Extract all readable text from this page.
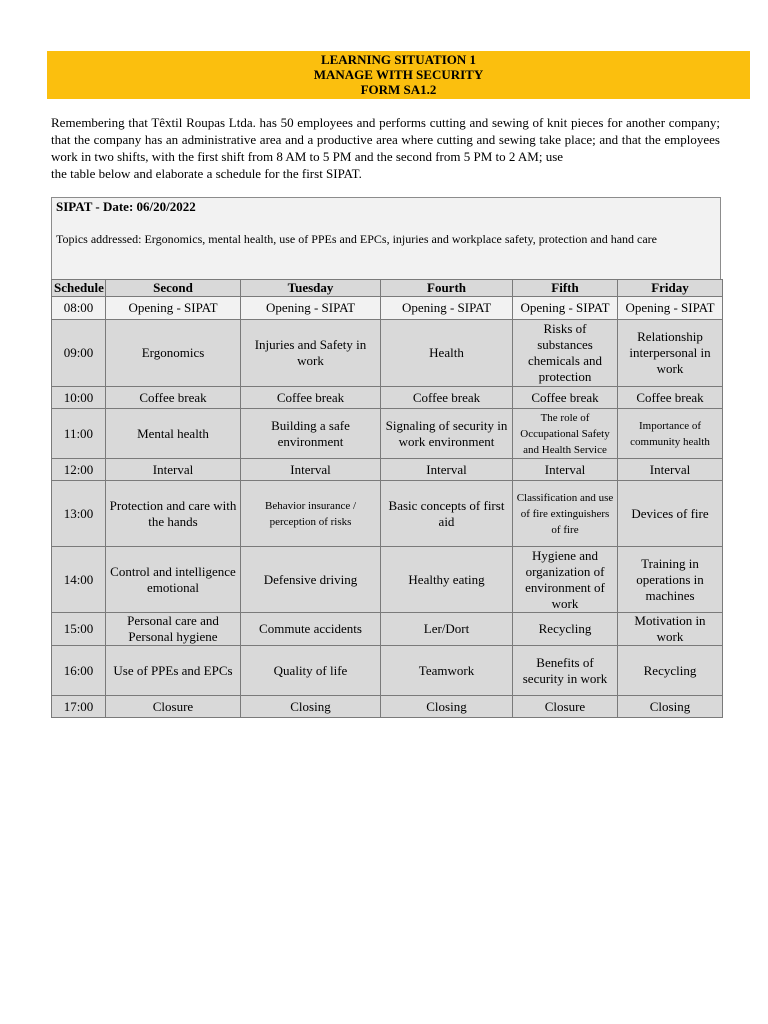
LEARNING SITUATION 1
MANAGE WITH SECURITY
FORM SA1.2
Remembering that Têxtil Roupas Ltda. has 50 employees and performs cutting and sewing of knit pieces for another company; that the company has an administrative area and a productive area where cutting and sewing take place; and that the employees work in two shifts, with the first shift from 8 AM to 5 PM and the second from 5 PM to 2 AM; use
the table below and elaborate a schedule for the first SIPAT.
SIPAT - Date: 06/20/2022
Topics addressed: Ergonomics, mental health, use of PPEs and EPCs, injuries and workplace safety, protection and hand care
Schedule	Second	Tuesday	Fourth	Fifth	Friday
08:00	Opening - SIPAT	Opening - SIPAT	Opening - SIPAT	Opening - SIPAT	Opening - SIPAT
09:00	Ergonomics	Injuries and Safety in work	Health	Risks of substances chemicals and protection	Relationship interpersonal in work
10:00	Coffee break	Coffee break	Coffee break	Coffee break	Coffee break
11:00	Mental health	Building a safe environment	Signaling of security in work environment	The role of Occupational Safety and Health Service	Importance of community health
12:00	Interval	Interval	Interval	Interval	Interval
13:00	Protection and care with the hands	Behavior insurance / perception of risks	Basic concepts of first aid	Classification and use of fire extinguishers of fire	Devices of fire
14:00	Control and intelligence emotional	Defensive driving	Healthy eating	Hygiene and organization of environment of work	Training in operations in machines
15:00	Personal care and Personal hygiene	Commute accidents	Ler/Dort	Recycling	Motivation in work
16:00	Use of PPEs and EPCs	Quality of life	Teamwork	Benefits of security in work	Recycling
17:00	Closure	Closing	Closing	Closure	Closing
